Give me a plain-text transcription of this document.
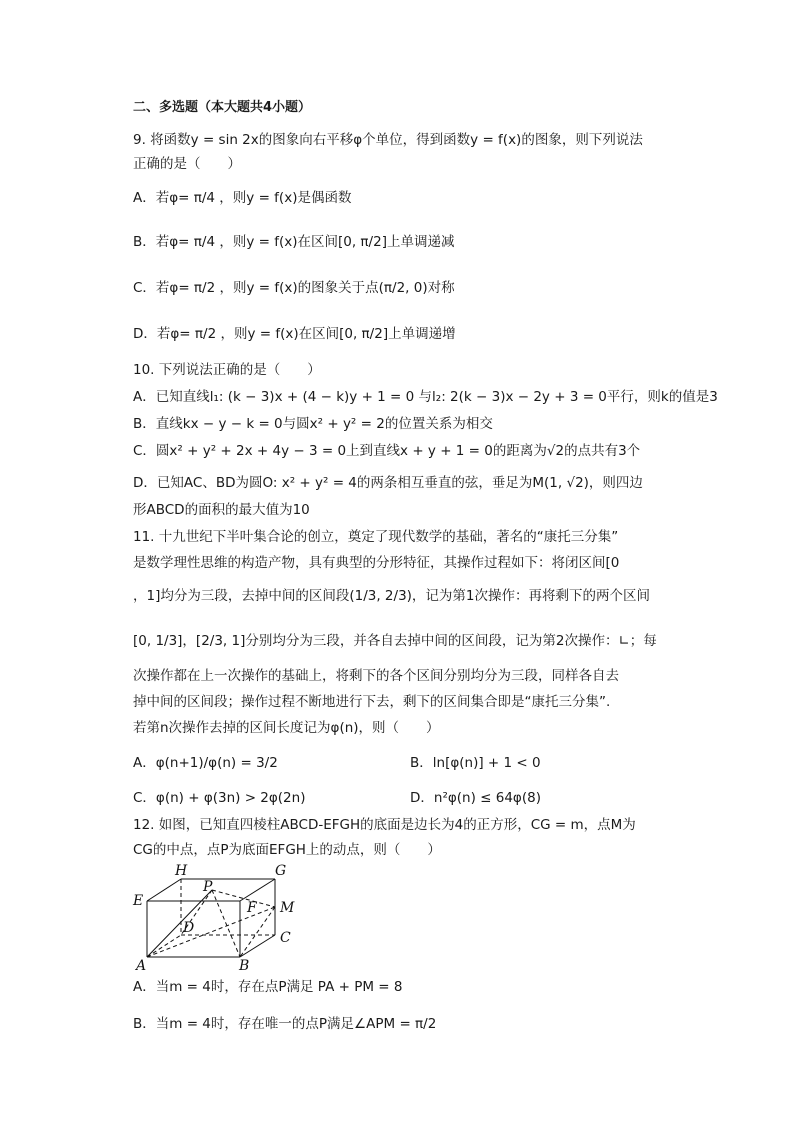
二、多选题（本大题共4小题）
9. 将函数y = sin 2x的图象向右平移φ个单位，得到函数y = f(x)的图象，则下列说法
正确的是（　　）
A．若φ= π/4 ，则y = f(x)是偶函数
B．若φ= π/4 ，则y = f(x)在区间[0, π/2]上单调递减
C．若φ= π/2 ，则y = f(x)的图象关于点(π/2, 0)对称
D．若φ= π/2 ，则y = f(x)在区间[0, π/2]上单调递增
10. 下列说法正确的是（　　）
A．已知直线l₁: (k − 3)x + (4 − k)y + 1 = 0 与l₂: 2(k − 3)x − 2y + 3 = 0平行，则k的值是3
B．直线kx − y − k = 0与圆x² + y² = 2的位置关系为相交
C．圆x² + y² + 2x + 4y − 3 = 0上到直线x + y + 1 = 0的距离为√2的点共有3个
D．已知AC、BD为圆O: x² + y² = 4的两条相互垂直的弦，垂足为M(1, √2)，则四边
形ABCD的面积的最大值为10
11. 十九世纪下半叶集合论的创立，奠定了现代数学的基础，著名的“康托三分集”
是数学理性思维的构造产物，具有典型的分形特征，其操作过程如下：将闭区间[0
，1]均分为三段，去掉中间的区间段(1/3, 2/3)，记为第1次操作：再将剩下的两个区间
[0, 1/3]，[2/3, 1]分别均分为三段，并各自去掉中间的区间段，记为第2次操作：∟；每
次操作都在上一次操作的基础上，将剩下的各个区间分别均分为三段，同样各自去
掉中间的区间段；操作过程不断地进行下去，剩下的区间集合即是“康托三分集”.
若第n次操作去掉的区间长度记为φ(n)，则（　　）
A．φ(n+1)/φ(n) = 3/2	B．ln[φ(n)] + 1 < 0
C．φ(n) + φ(3n) > 2φ(2n)	D．n²φ(n) ≤ 64φ(8)
12. 如图，已知直四棱柱ABCD-EFGH的底面是边长为4的正方形，CG = m，点M为
CG的中点，点P为底面EFGH上的动点，则（　　）
H	G
E
P
F M
D
C
A	B
A．当m = 4时，存在点P满足 PA + PM = 8
B．当m = 4时，存在唯一的点P满足∠APM = π/2
